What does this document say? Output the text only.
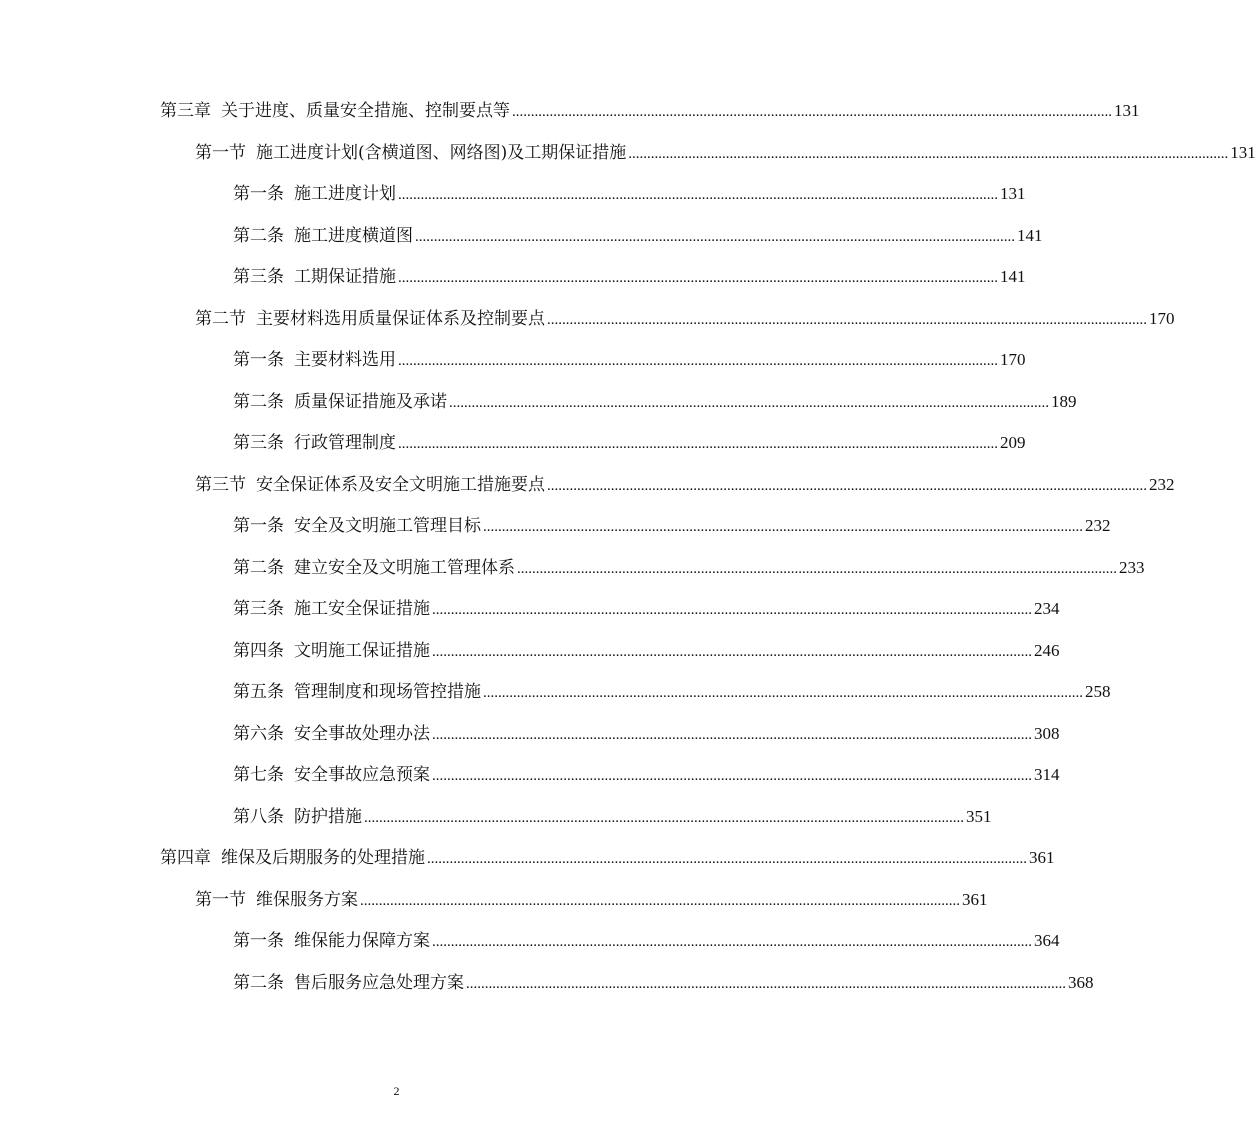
第三章 关于进度、质量安全措施、控制要点等 ................................................................................................................................................................ 131
第一节 施工进度计划(含横道图、网络图)及工期保证措施 ................................................................................................................................................................ 131
第一条 施工进度计划 ................................................................................................................................................................ 131
第二条 施工进度横道图 ................................................................................................................................................................ 141
第三条 工期保证措施 ................................................................................................................................................................ 141
第二节 主要材料选用质量保证体系及控制要点 ................................................................................................................................................................ 170
第一条 主要材料选用 ................................................................................................................................................................ 170
第二条 质量保证措施及承诺 ................................................................................................................................................................ 189
第三条 行政管理制度 ................................................................................................................................................................ 209
第三节 安全保证体系及安全文明施工措施要点 ................................................................................................................................................................ 232
第一条 安全及文明施工管理目标 ................................................................................................................................................................ 232
第二条 建立安全及文明施工管理体系 ................................................................................................................................................................ 233
第三条 施工安全保证措施 ................................................................................................................................................................ 234
第四条 文明施工保证措施 ................................................................................................................................................................ 246
第五条 管理制度和现场管控措施 ................................................................................................................................................................ 258
第六条 安全事故处理办法 ................................................................................................................................................................ 308
第七条 安全事故应急预案 ................................................................................................................................................................ 314
第八条 防护措施 ................................................................................................................................................................ 351
第四章 维保及后期服务的处理措施 ................................................................................................................................................................ 361
第一节 维保服务方案 ................................................................................................................................................................ 361
第一条 维保能力保障方案 ................................................................................................................................................................ 364
第二条 售后服务应急处理方案 ................................................................................................................................................................ 368
2
